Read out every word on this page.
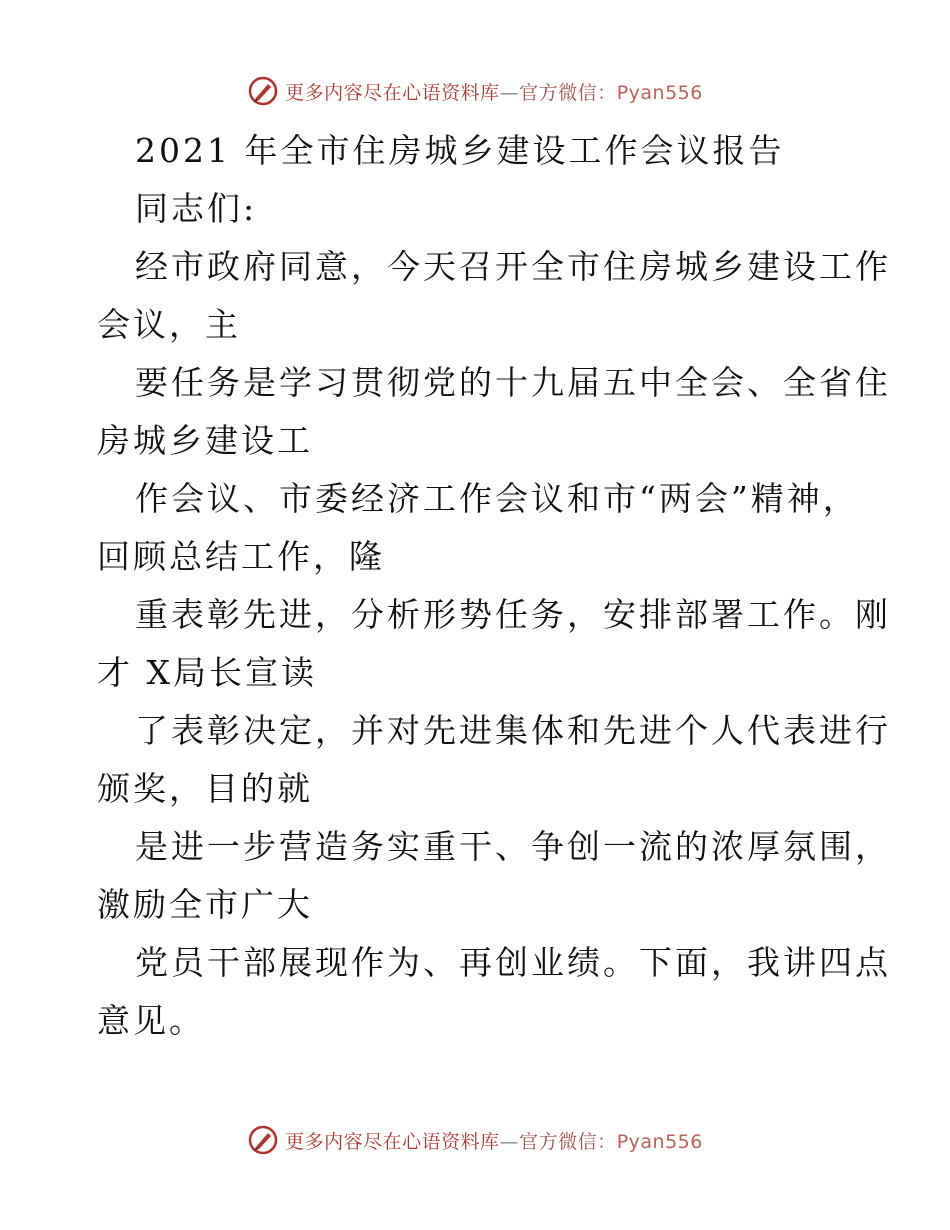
更多内容尽在心语资料库—官方微信：Pyan556
2021 年全市住房城乡建设工作会议报告
同志们:
经市政府同意，今天召开全市住房城乡建设工作
会议，主
要任务是学习贯彻党的十九届五中全会、全省住
房城乡建设工
作会议、市委经济工作会议和市“两会”精神，
回顾总结工作，隆
重表彰先进，分析形势任务，安排部署工作。刚
才 X局长宣读
了表彰决定，并对先进集体和先进个人代表进行
颁奖，目的就
是进一步营造务实重干、争创一流的浓厚氛围，
激励全市广大
党员干部展现作为、再创业绩。下面，我讲四点
意见。
更多内容尽在心语资料库—官方微信：Pyan556
